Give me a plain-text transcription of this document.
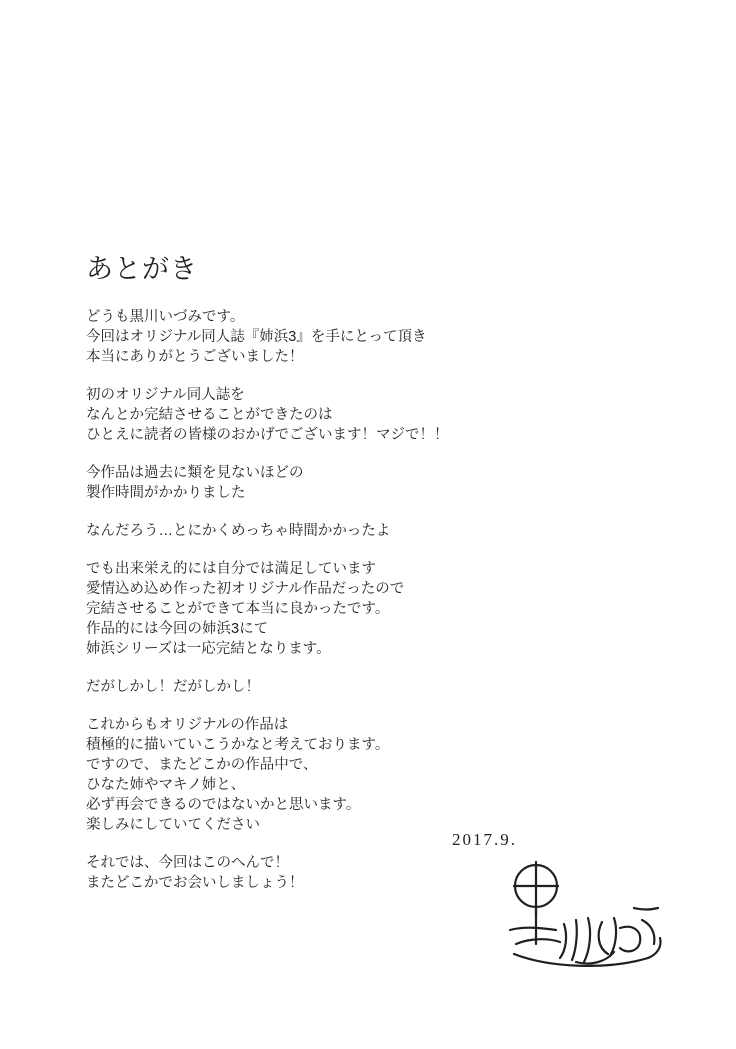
あとがき
どうも黒川いづみです。
今回はオリジナル同人誌『姉浜3』を手にとって頂き
本当にありがとうございました！
初のオリジナル同人誌を
なんとか完結させることができたのは
ひとえに読者の皆様のおかげでございます！マジで！！
今作品は過去に類を見ないほどの
製作時間がかかりました
なんだろう…とにかくめっちゃ時間かかったよ
でも出来栄え的には自分では満足しています
愛情込め込め作った初オリジナル作品だったので
完結させることができて本当に良かったです。
作品的には今回の姉浜3にて
姉浜シリーズは一応完結となります。
だがしかし！だがしかし！
これからもオリジナルの作品は
積極的に描いていこうかなと考えております。
ですので、またどこかの作品中で、
ひなた姉やマキノ姉と、
必ず再会できるのではないかと思います。
楽しみにしていてください
それでは、今回はこのへんで！
またどこかでお会いしましょう！
2017.9.
